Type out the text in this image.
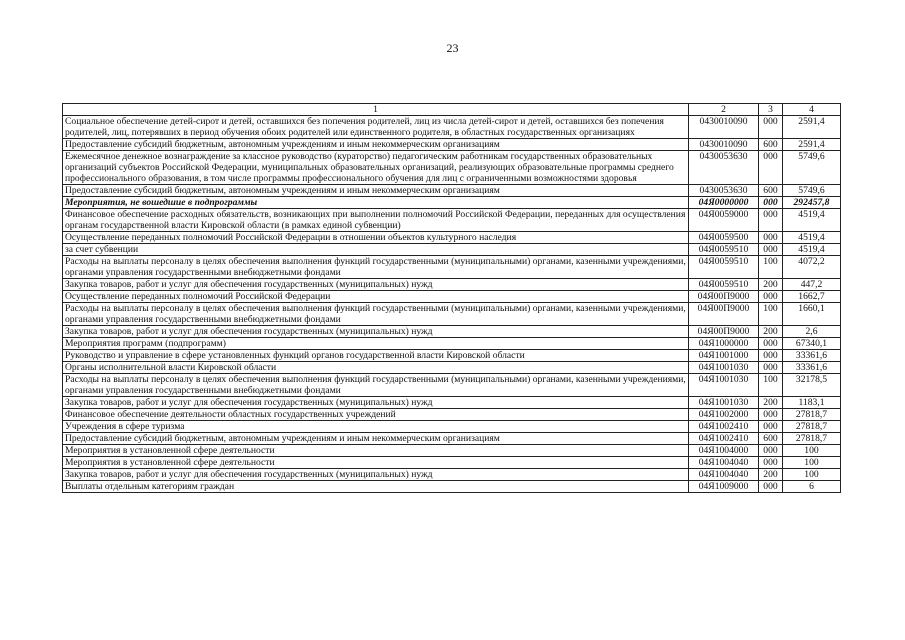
23
1	2	3	4
Социальное обеспечение детей-сирот и детей, оставшихся без попечения родителей, лиц из числа детей-сирот и детей, оставшихся без попечения родителей, лиц, потерявших в период обучения обоих родителей или единственного родителя, в областных государственных организациях	0430010090	000	2591,4
Предоставление субсидий бюджетным, автономным учреждениям и иным некоммерческим организациям	0430010090	600	2591,4
Ежемесячное денежное вознаграждение за классное руководство (кураторство) педагогическим работникам государственных образовательных организаций субъектов Российской Федерации, муниципальных образовательных организаций, реализующих образовательные программы среднего профессионального образования, в том числе программы профессионального обучения для лиц с ограниченными возможностями здоровья	0430053630	000	5749,6
Предоставление субсидий бюджетным, автономным учреждениям и иным некоммерческим организациям	0430053630	600	5749,6
Мероприятия, не вошедшие в подпрограммы	04Я0000000	000	292457,8
Финансовое обеспечение расходных обязательств, возникающих при выполнении полномочий Российской Федерации, переданных для осуществления органам государственной власти Кировской области (в рамках единой субвенции)	04Я0059000	000	4519,4
Осуществление переданных полномочий Российской Федерации в отношении объектов культурного наследия	04Я0059500	000	4519,4
за счет субвенции	04Я0059510	000	4519,4
Расходы на выплаты персоналу в целях обеспечения выполнения функций государственными (муниципальными) органами, казенными учреждениями, органами управления государственными внебюджетными фондами	04Я0059510	100	4072,2
Закупка товаров, работ и услуг для обеспечения государственных (муниципальных) нужд	04Я0059510	200	447,2
Осуществление переданных полномочий Российской Федерации	04Я00П9000	000	1662,7
Расходы на выплаты персоналу в целях обеспечения выполнения функций государственными (муниципальными) органами, казенными учреждениями, органами управления государственными внебюджетными фондами	04Я00П9000	100	1660,1
Закупка товаров, работ и услуг для обеспечения государственных (муниципальных) нужд	04Я00П9000	200	2,6
Мероприятия программ (подпрограмм)	04Я1000000	000	67340,1
Руководство и управление в сфере установленных функций органов государственной власти Кировской области	04Я1001000	000	33361,6
Органы исполнительной власти Кировской области	04Я1001030	000	33361,6
Расходы на выплаты персоналу в целях обеспечения выполнения функций государственными (муниципальными) органами, казенными учреждениями, органами управления государственными внебюджетными фондами	04Я1001030	100	32178,5
Закупка товаров, работ и услуг для обеспечения государственных (муниципальных) нужд	04Я1001030	200	1183,1
Финансовое обеспечение деятельности областных государственных учреждений	04Я1002000	000	27818,7
Учреждения в сфере туризма	04Я1002410	000	27818,7
Предоставление субсидий бюджетным, автономным учреждениям и иным некоммерческим организациям	04Я1002410	600	27818,7
Мероприятия в установленной сфере деятельности	04Я1004000	000	100
Мероприятия в установленной сфере деятельности	04Я1004040	000	100
Закупка товаров, работ и услуг для обеспечения государственных (муниципальных) нужд	04Я1004040	200	100
Выплаты отдельным категориям граждан	04Я1009000	000	6
